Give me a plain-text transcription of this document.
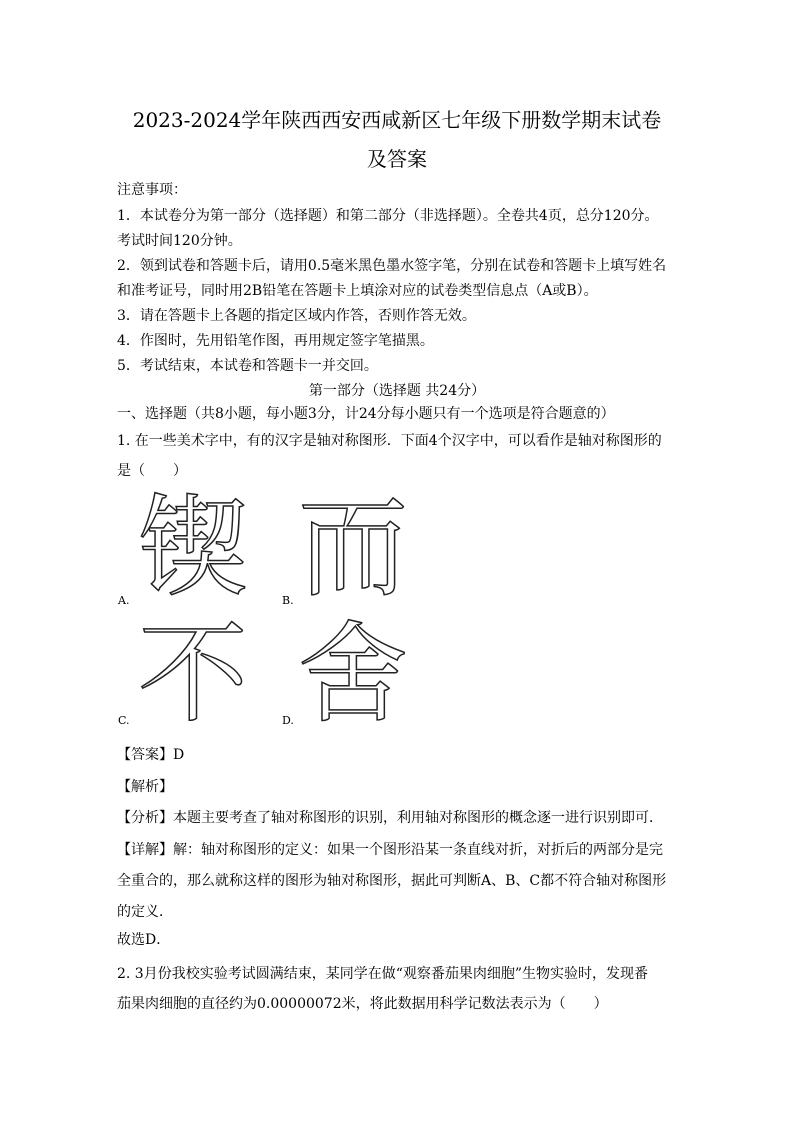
2023-2024学年陕西西安西咸新区七年级下册数学期末试卷
及答案
注意事项：
1．本试卷分为第一部分（选择题）和第二部分（非选择题）。全卷共4页，总分120分。
考试时间120分钟。
2．领到试卷和答题卡后，请用0.5毫米黑色墨水签字笔，分别在试卷和答题卡上填写姓名
和准考证号，同时用2B铅笔在答题卡上填涂对应的试卷类型信息点（A或B）。
3．请在答题卡上各题的指定区域内作答，否则作答无效。
4．作图时，先用铅笔作图，再用规定签字笔描黑。
5．考试结束，本试卷和答题卡一并交回。
第一部分（选择题 共24分）
一、选择题（共8小题，每小题3分，计24分每小题只有一个选项是符合题意的）
1. 在一些美术字中，有的汉字是轴对称图形．下面4个汉字中，可以看作是轴对称图形的
是（　　）
锲
A. 而
B.
不
C. 舍
D.
【答案】D
【解析】
【分析】本题主要考查了轴对称图形的识别，利用轴对称图形的概念逐一进行识别即可．
【详解】解：轴对称图形的定义：如果一个图形沿某一条直线对折，对折后的两部分是完
全重合的，那么就称这样的图形为轴对称图形，据此可判断A、B、C都不符合轴对称图形
的定义．
故选D．
2. 3月份我校实验考试圆满结束，某同学在做“观察番茄果肉细胞”生物实验时，发现番
茄果肉细胞的直径约为0.00000072米，将此数据用科学记数法表示为（　　）
